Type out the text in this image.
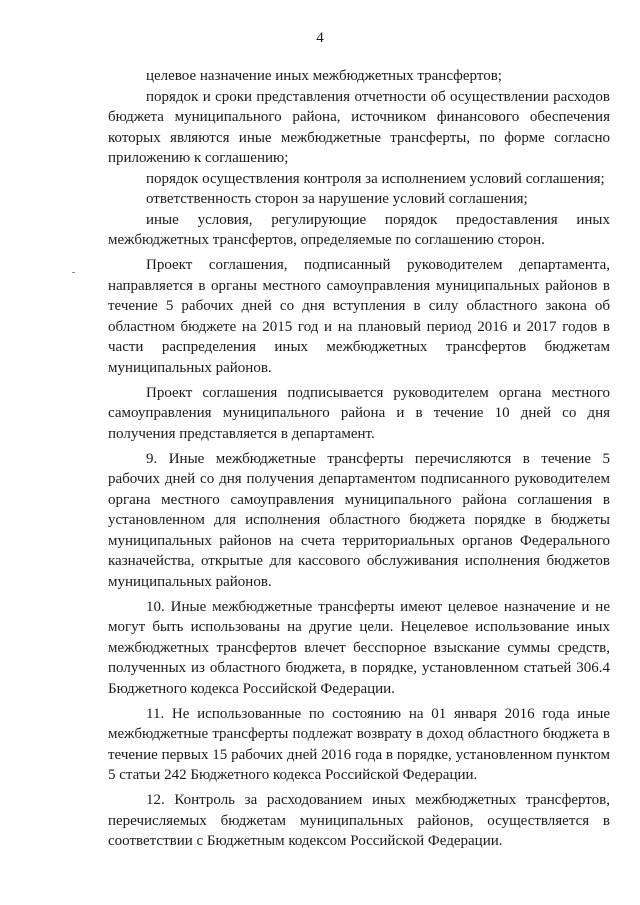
4

целевое назначение иных межбюджетных трансфертов;

порядок и сроки представления отчетности об осуществлении расходов бюджета муниципального района, источником финансового обеспечения которых являются иные межбюджетные трансферты, по форме согласно приложению к соглашению;

порядок осуществления контроля за исполнением условий соглашения;

ответственность сторон за нарушение условий соглашения;

иные условия, регулирующие порядок предоставления иных межбюджетных трансфертов, определяемые по соглашению сторон.

Проект соглашения, подписанный руководителем департамента, направляется в органы местного самоуправления муниципальных районов в течение 5 рабочих дней со дня вступления в силу областного закона об областном бюджете на 2015 год и на плановый период 2016 и 2017 годов в части распределения иных межбюджетных трансфертов бюджетам муниципальных районов.

Проект соглашения подписывается руководителем органа местного самоуправления муниципального района и в течение 10 дней со дня получения представляется в департамент.

9. Иные межбюджетные трансферты перечисляются в течение 5 рабочих дней со дня получения департаментом подписанного руководителем органа местного самоуправления муниципального района соглашения в установленном для исполнения областного бюджета порядке в бюджеты муниципальных районов на счета территориальных органов Федерального казначейства, открытые для кассового обслуживания исполнения бюджетов муниципальных районов.

10. Иные межбюджетные трансферты имеют целевое назначение и не могут быть использованы на другие цели. Нецелевое использование иных межбюджетных трансфертов влечет бесспорное взыскание суммы средств, полученных из областного бюджета, в порядке, установленном статьей 306.4 Бюджетного кодекса Российской Федерации.

11. Не использованные по состоянию на 01 января 2016 года иные межбюджетные трансферты подлежат возврату в доход областного бюджета в течение первых 15 рабочих дней 2016 года в порядке, установленном пунктом 5 статьи 242 Бюджетного кодекса Российской Федерации.

12. Контроль за расходованием иных межбюджетных трансфертов, перечисляемых бюджетам муниципальных районов, осуществляется в соответствии с Бюджетным кодексом Российской Федерации.
